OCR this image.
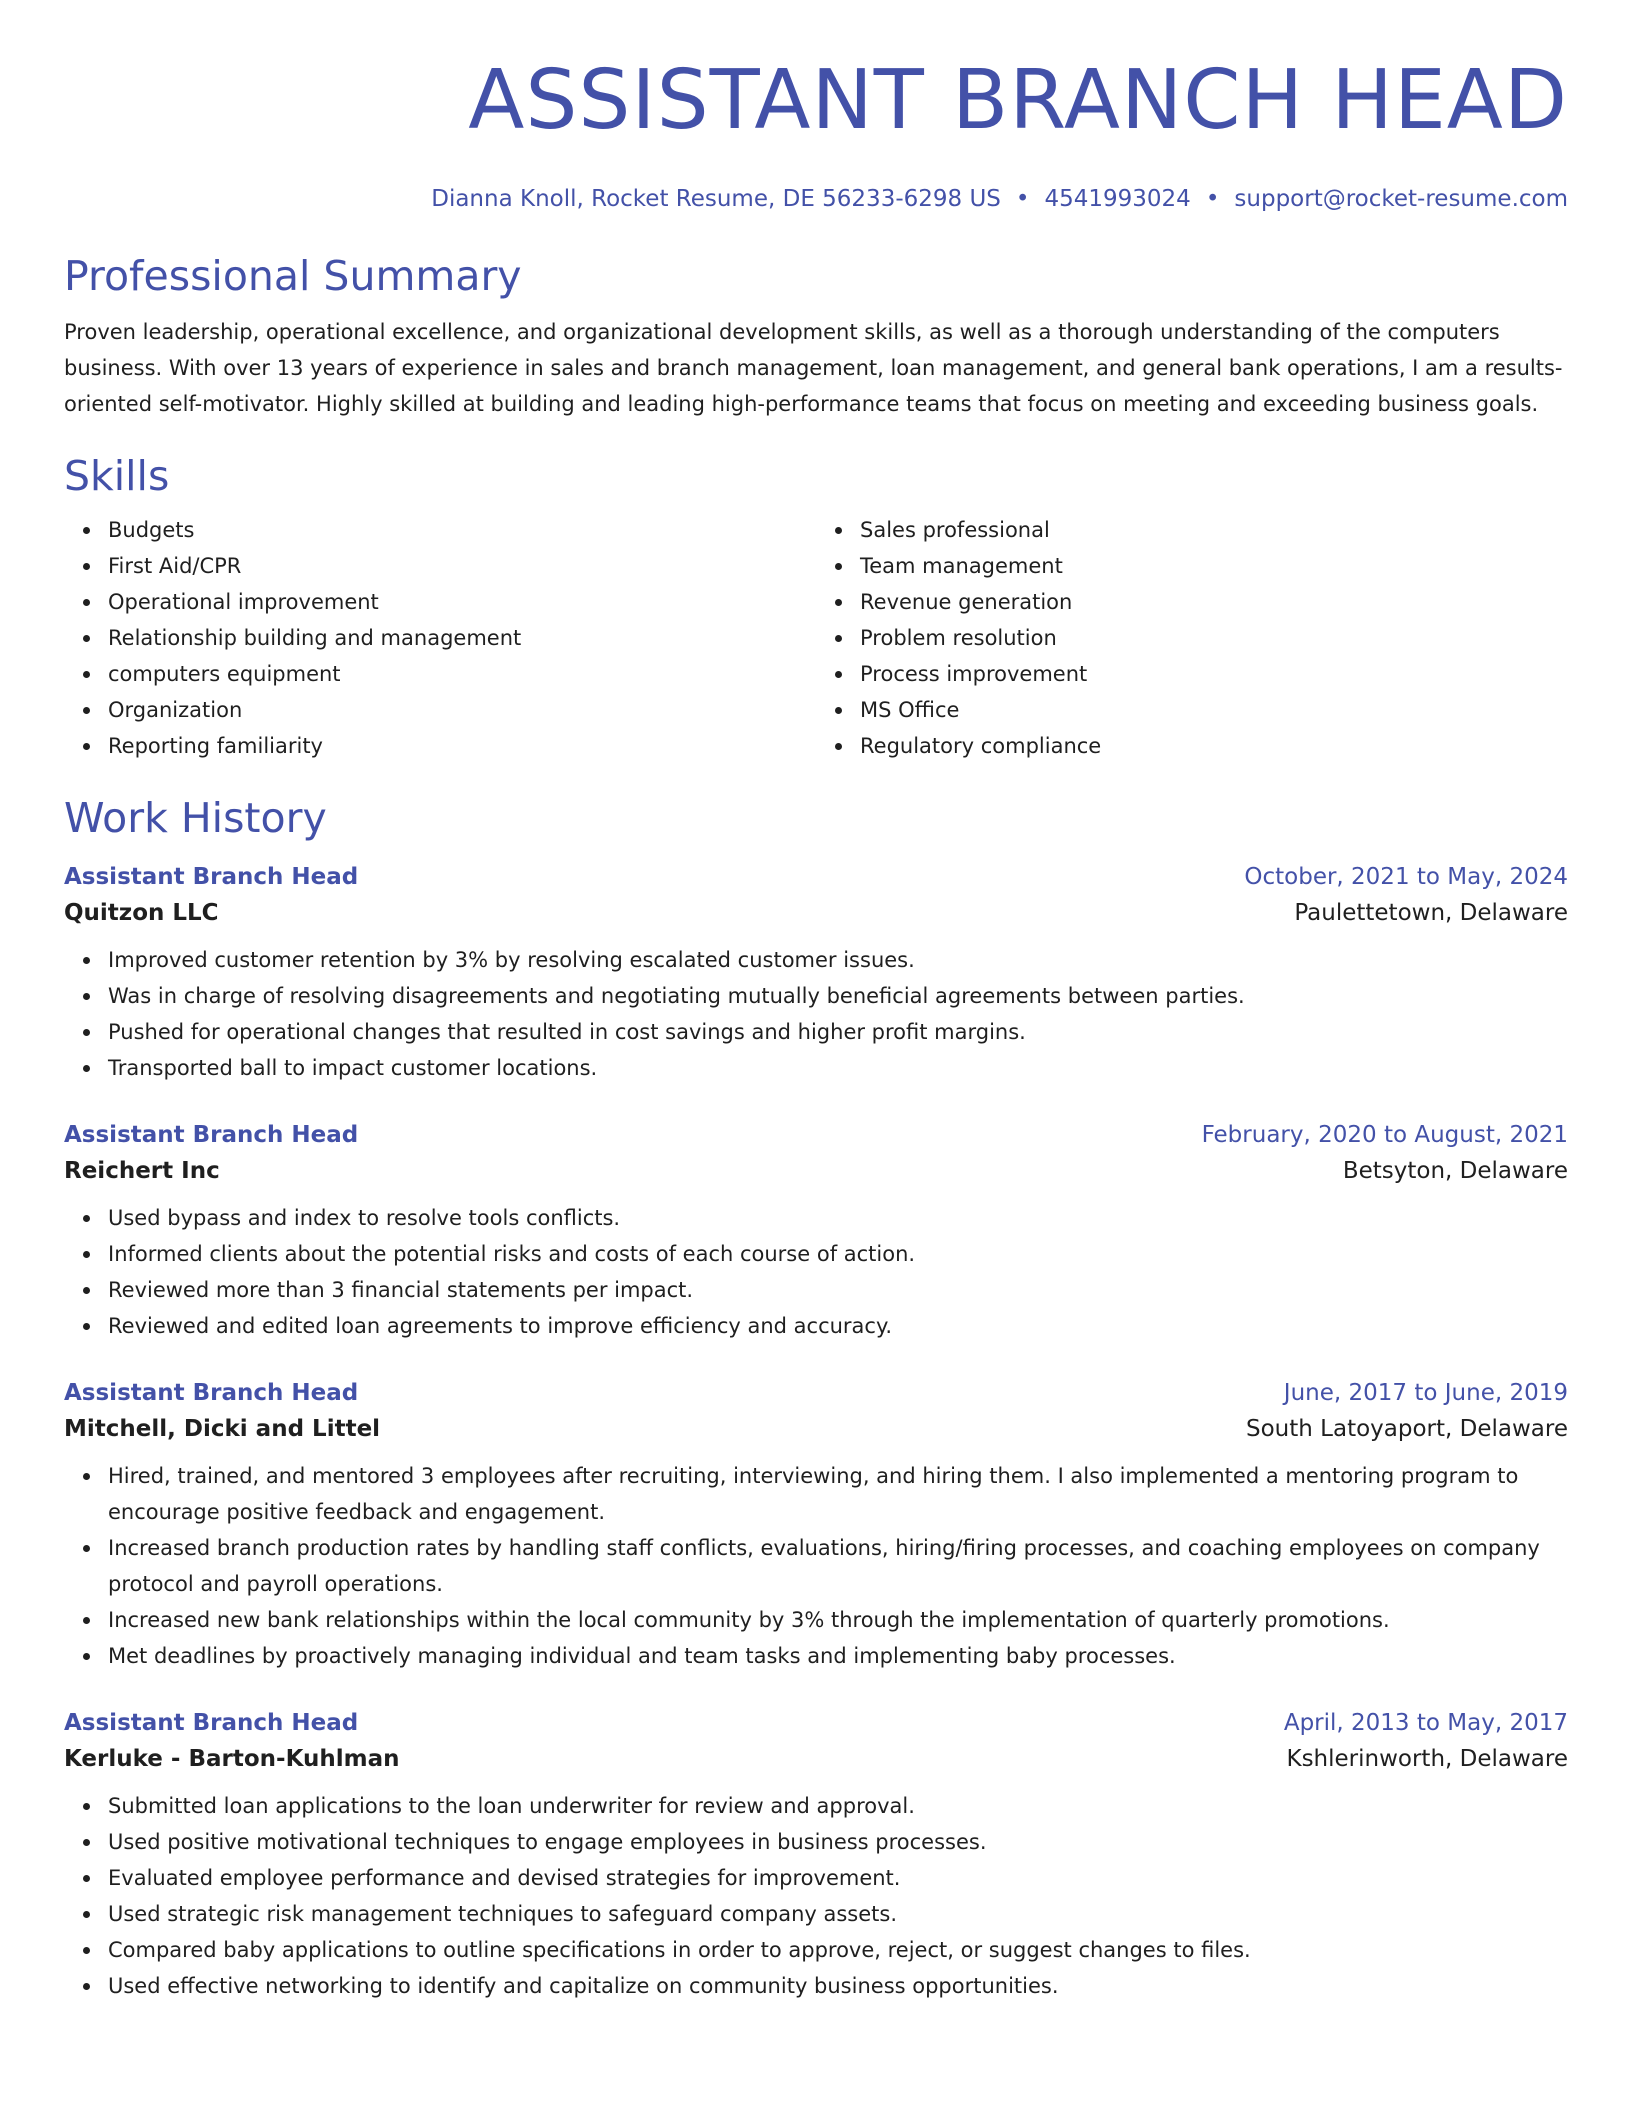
ASSISTANT BRANCH HEAD
Dianna Knoll, Rocket Resume, DE 56233-6298 US • 4541993024 • support@rocket-resume.com
Professional Summary
Proven leadership, operational excellence, and organizational development skills, as well as a thorough understanding of the computers business. With over 13 years of experience in sales and branch management, loan management, and general bank operations, I am a results-oriented self-motivator. Highly skilled at building and leading high-performance teams that focus on meeting and exceeding business goals.
Skills
Budgets
First Aid/CPR
Operational improvement
Relationship building and management
computers equipment
Organization
Reporting familiarity
Sales professional
Team management
Revenue generation
Problem resolution
Process improvement
MS Office
Regulatory compliance
Work History
Assistant Branch Head	October, 2021 to May, 2024
Quitzon LLC	Paulettetown, Delaware
Improved customer retention by 3% by resolving escalated customer issues.
Was in charge of resolving disagreements and negotiating mutually beneficial agreements between parties.
Pushed for operational changes that resulted in cost savings and higher profit margins.
Transported ball to impact customer locations.
Assistant Branch Head	February, 2020 to August, 2021
Reichert Inc	Betsyton, Delaware
Used bypass and index to resolve tools conflicts.
Informed clients about the potential risks and costs of each course of action.
Reviewed more than 3 financial statements per impact.
Reviewed and edited loan agreements to improve efficiency and accuracy.
Assistant Branch Head	June, 2017 to June, 2019
Mitchell, Dicki and Littel	South Latoyaport, Delaware
Hired, trained, and mentored 3 employees after recruiting, interviewing, and hiring them. I also implemented a mentoring program to encourage positive feedback and engagement.
Increased branch production rates by handling staff conflicts, evaluations, hiring/firing processes, and coaching employees on company protocol and payroll operations.
Increased new bank relationships within the local community by 3% through the implementation of quarterly promotions.
Met deadlines by proactively managing individual and team tasks and implementing baby processes.
Assistant Branch Head	April, 2013 to May, 2017
Kerluke - Barton-Kuhlman	Kshlerinworth, Delaware
Submitted loan applications to the loan underwriter for review and approval.
Used positive motivational techniques to engage employees in business processes.
Evaluated employee performance and devised strategies for improvement.
Used strategic risk management techniques to safeguard company assets.
Compared baby applications to outline specifications in order to approve, reject, or suggest changes to files.
Used effective networking to identify and capitalize on community business opportunities.
